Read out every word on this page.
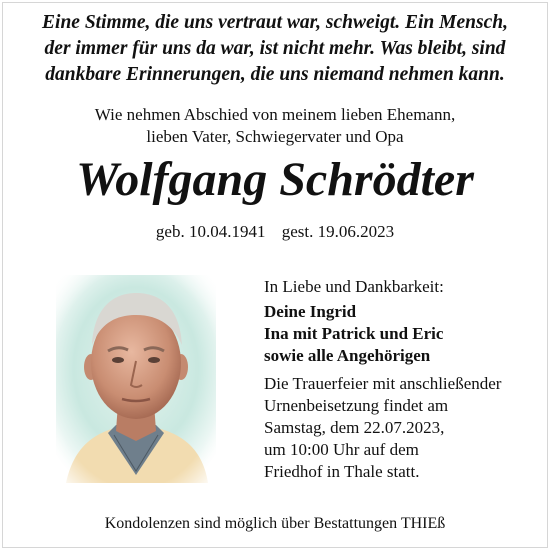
Eine Stimme, die uns vertraut war, schweigt. Ein Mensch,
der immer für uns da war, ist nicht mehr. Was bleibt, sind
dankbare Erinnerungen, die uns niemand nehmen kann.
Wie nehmen Abschied von meinem lieben Ehemann,
lieben Vater, Schwiegervater und Opa
Wolfgang Schrödter
geb. 10.04.1941 gest. 19.06.2023
In Liebe und Dankbarkeit:
Deine Ingrid
Ina mit Patrick und Eric
sowie alle Angehörigen
Die Trauerfeier mit anschließender
Urnenbeisetzung findet am
Samstag, dem 22.07.2023,
um 10:00 Uhr auf dem
Friedhof in Thale statt.
Kondolenzen sind möglich über Bestattungen THIEß
